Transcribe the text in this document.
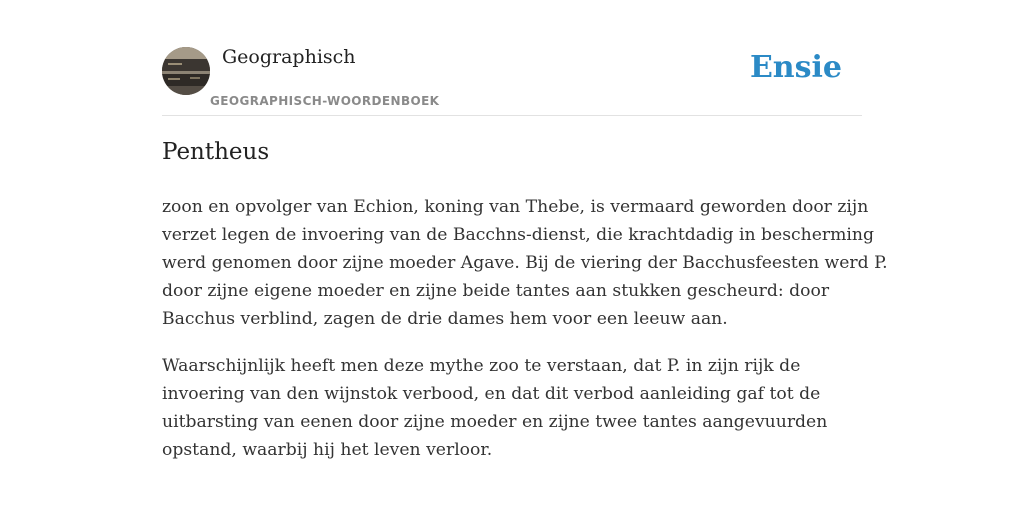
Geographisch
GEOGRAPHISCH-WOORDENBOEK
Ensie
Pentheus

zoon en opvolger van Echion, koning van Thebe, is vermaard geworden door zijn
verzet legen de invoering van de Bacchns-dienst, die krachtdadig in bescherming
werd genomen door zijne moeder Agave. Bij de viering der Bacchusfeesten werd P.
door zijne eigene moeder en zijne beide tantes aan stukken gescheurd: door
Bacchus verblind, zagen de drie dames hem voor een leeuw aan.

Waarschijnlijk heeft men deze mythe zoo te verstaan, dat P. in zijn rijk de
invoering van den wijnstok verbood, en dat dit verbod aanleiding gaf tot de
uitbarsting van eenen door zijne moeder en zijne twee tantes aangevuurden
opstand, waarbij hij het leven verloor.
